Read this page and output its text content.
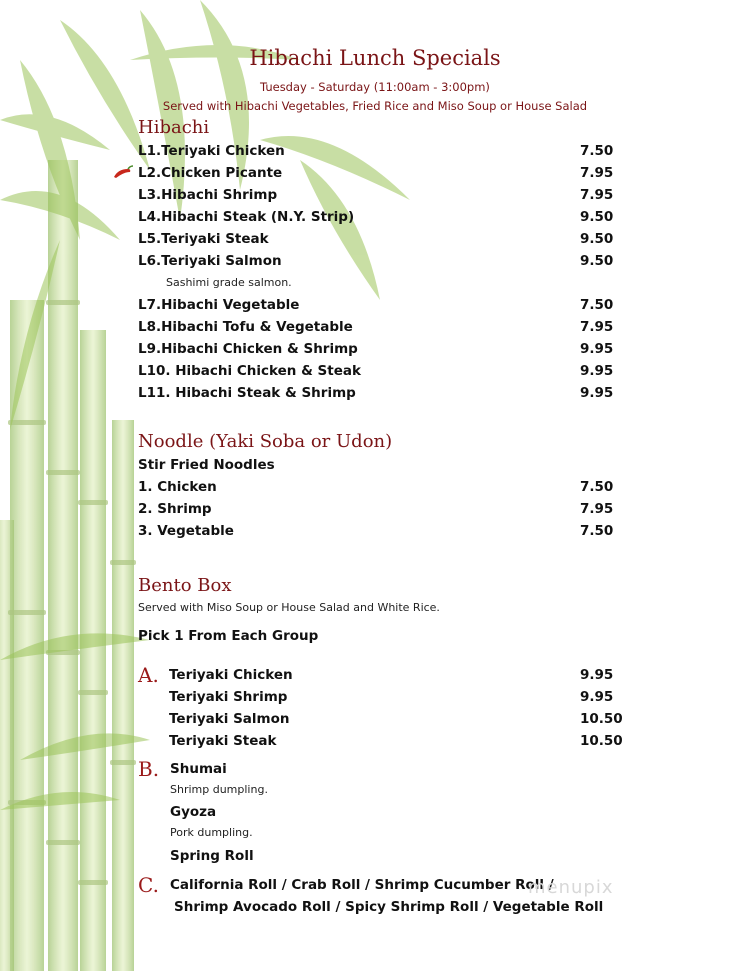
Hibachi Lunch Specials
Tuesday - Saturday (11:00am - 3:00pm)
Served with Hibachi Vegetables, Fried Rice and Miso Soup or House Salad
Hibachi
L1.Teriyaki Chicken	7.50
L2.Chicken Picante	7.95
L3.Hibachi Shrimp	7.95
L4.Hibachi Steak (N.Y. Strip)	9.50
L5.Teriyaki Steak	9.50
L6.Teriyaki Salmon	9.50
Sashimi grade salmon.
L7.Hibachi Vegetable	7.50
L8.Hibachi Tofu & Vegetable	7.95
L9.Hibachi Chicken & Shrimp	9.95
L10. Hibachi Chicken & Steak	9.95
L11. Hibachi Steak & Shrimp	9.95
Noodle (Yaki Soba or Udon)
Stir Fried Noodles
1. Chicken	7.50
2. Shrimp	7.95
3. Vegetable	7.50
Bento Box
Served with Miso Soup or House Salad and White Rice.
Pick 1 From Each Group
A. Teriyaki Chicken	9.95
Teriyaki Shrimp	9.95
Teriyaki Salmon	10.50
Teriyaki Steak	10.50
B. Shumai
Shrimp dumpling.
Gyoza
Pork dumpling.
Spring Roll
C. California Roll / Crab Roll / Shrimp Cucumber Roll /
Shrimp Avocado Roll / Spicy Shrimp Roll / Vegetable Roll
menupix
